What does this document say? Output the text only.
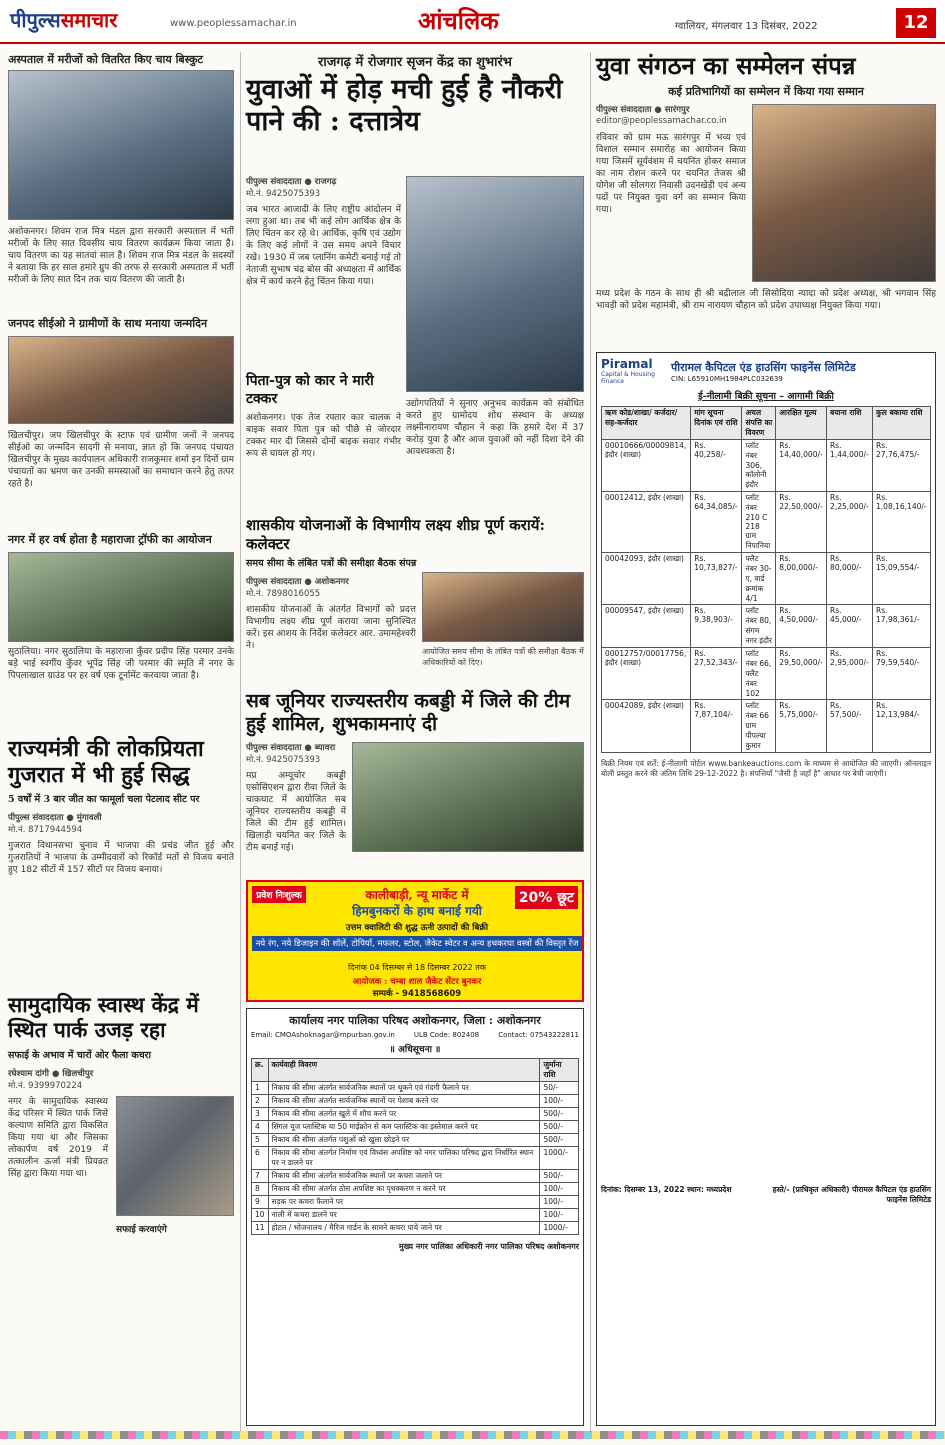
पीपुल्ससमाचार	www.peoplessamachar.in	आंचलिक	ग्वालियर, मंगलवार 13 दिसंबर, 2022	12
अस्पताल में मरीजों को वितरित किए चाय बिस्कुट
अशोकनगर। शिवम राज मित्र मंडल द्वारा सरकारी अस्पताल में भर्ती मरीजों के लिए सात दिवसीय चाय वितरण कार्यक्रम किया जाता है। चाय वितरण का यह सातवां साल है। शिवम राज मित्र मंडल के सदस्यों ने बताया कि हर साल हमारे ग्रुप की तरफ से सरकारी अस्पताल में भर्ती मरीजों के लिए सात दिन तक चाय वितरण की जाती है।
जनपद सीईओ ने ग्रामीणों के साथ मनाया जन्मदिन
खिलचीपुर। जप खिलचीपुर के स्टाफ एवं ग्रामीण जनों ने जनपद सीईओ का जन्मदिन सादगी से मनाया, ज्ञात हो कि जनपद पंचायत खिलचीपुर के मुख्य कार्यपालन अधिकारी राजकुमार शर्मा इन दिनों ग्राम पंचायतों का भ्रमण कर उनकी समस्याओं का समाधान करने हेतु तत्पर रहते है।
नगर में हर वर्ष होता है महाराजा ट्रॉफी का आयोजन
सुठालिया। नगर सुठालिया के महाराजा कुँवर प्रदीप सिंह परमार उनके बड़े भाई स्वर्गीय कुँवर भूपेंद्र सिंह जी परमार की स्मृति में नगर के पिपलाखाल ग्राउंड पर हर वर्ष एक टूर्नामेंट करवाया जाता है।
राज्यमंत्री की लोकप्रियता गुजरात में भी हुई सिद्ध
5 वर्षों में 3 बार जीत का फामूर्ला चला पेटलाद सीट पर
पीपुल्स संवाददाता ● मुंगावली
मो.नं. 8717944594
गुजरात विधानसभा चुनाव में भाजपा की प्रचंड जीत हुई और गुजरातियों ने भाजपा के उम्मीदवारों को रिकॉर्ड मतों से विजय बनाते हुए 182 सीटों में 157 सीटों पर विजय बनाया।
सामुदायिक स्वास्थ केंद्र में स्थित पार्क उजड़ रहा
सफाई के अभाव में चारों ओर फैला कचरा
रघेश्याम दांगी ● खिलचीपुर
मो.नं. 9399970224
नगर के सामुदायिक स्वास्थ्य केंद्र परिसर में स्थित पार्क जिसे कल्याण समिति द्वारा विकसित किया गया था और जिसका लोकार्पण वर्ष 2019 में तत्कालीन ऊर्जा मंत्री प्रियव्रत सिंह द्वारा किया गया था।
सफाई करवाएंगे
राजगढ़ में रोजगार सृजन केंद्र का शुभारंभ
युवाओं में होड़ मची हुई है नौकरी पाने की : दत्तात्रेय
पीपुल्स संवाददाता ● राजगढ़
मो.नं. 9425075393
जब भारत आजादी के लिए राष्ट्रीय आंदोलन में लगा हुआ था। तब भी कई लोग आर्थिक क्षेत्र के लिए चिंतन कर रहे थे। आर्थिक, कृषि एवं उद्योग के लिए कई लोगों ने उस समय अपने विचार रखे। 1930 में जब प्लानिंग कमेटी बनाई गई तो नेताजी सुभाष चंद्र बोस की अध्यक्षता में आर्थिक क्षेत्र में कार्य करने हेतु चिंतन किया गया।
उद्योगपतियों ने सुनाए अनुभव कार्यक्रम को संबोधित करते हुए ग्रामोदय शोध संस्थान के अध्यक्ष लक्ष्मीनारायण चौहान ने कहा कि हमारे देश में 37 करोड़ युवा है और आज युवाओं को नहीं दिशा देने की आवश्यकता है।
पिता-पुत्र को कार ने मारी टक्कर
अशोकनगर। एक तेज रफ्तार कार चालक ने बाइक सवार पिता पुत्र को पीछे से जोरदार टक्कर मार दी जिससे दोनों बाइक सवार गंभीर रूप से घायल हो गए।
शासकीय योजनाओं के विभागीय लक्ष्य शीघ्र पूर्ण करायें: कलेक्टर
समय सीमा के लंबित पत्रों की समीक्षा बैठक संपन्न
पीपुल्स संवाददाता ● अशोकनगर
मो.नं. 7898016055
शासकीय योजनाओं के अंतर्गत विभागों को प्रदत्त विभागीय लक्ष्य शीघ्र पूर्ण कराया जाना सुनिश्चित करें। इस आशय के निर्देश कलेक्टर आर. उमामहेश्वरी ने।
आयोजित समय सीमा के लंबित पत्रों की समीक्षा बैठक में अधिकारियों को दिए।
सब जूनियर राज्यस्तरीय कबड्डी में जिले की टीम हुई शामिल, शुभकामनाएं दी
पीपुल्स संवाददाता ● ब्यावरा
मो.नं. 9425075393
मप्र अम्यूचोर कबड्डी एसोसिएशन द्वारा रीवा जिले के चाकघाट में आयोजित सब जूनियर राज्यस्तरीय कबड्डी में जिले की टीम हुई शामिल। खिलाड़ी चयनित कर जिले के टीम बनाई गई।
प्रवेश निःशुल्क	20% छूट
कालीबाड़ी, न्यू मार्केट में
हिमबुनकरों के हाथ बनाई गयी
उत्तम क्वालिटी की शुद्ध ऊनी उत्पादों की बिक्री
नये रंग, नये डिजाइन की शॉलें, टोपियाँ, मफलर, स्टोल, जैकेट स्वेटर व अन्य हथकरघा वस्त्रों की विस्तृत रेंज
दिनांक 04 दिसम्बर से 18 दिसम्बर 2022 तक
आयोजक : चम्बा शाल जैकेट सेंटर बुनकर
सम्पर्क - 9418568609
कार्यालय नगर पालिका परिषद अशोकनगर, जिला : अशोकनगर
Email: CMOAshoknagar@mpurban.gov.in	ULB Code: 802408	Contact: 07543222811
॥ अधिसूचना ॥
क्र.	कार्यवाही विवरण	जुर्माना राशि
1	निकाय की सीमा अंतर्गत सार्वजनिक स्थानों पर थूकने एवं गंदगी फैलाने पर	50/-
2	निकाय की सीमा अंतर्गत सार्वजनिक स्थानों पर पेशाब करने पर	100/-
3	निकाय की सीमा अंतर्गत खुले में शौच करने पर	500/-
4	सिंगल यूज प्लास्टिक या 50 माईक्रोन से कम प्लास्टिक का इस्तेमाल करने पर	500/-
5	निकाय की सीमा अंतर्गत पशुओं को खुला छोड़ने पर	500/-
6	निकाय की सीमा अंतर्गत निर्माण एवं विध्वंस अपशिष्ट को नगर पालिका परिषद द्वारा निर्धारित स्थान पर न डालने पर	1000/-
7	निकाय की सीमा अंतर्गत सार्वजनिक स्थानों पर कचरा जलाने पर	500/-
8	निकाय की सीमा अंतर्गत ठोस अपशिष्ट का पृथक्करण न करने पर	100/-
9	सड़क पर कचरा फैलाने पर	100/-
10	नाली में कचरा डालने पर	100/-
11	होटल / भोजनालय / मैरिज गार्डन के सामने कचरा पाये जाने पर	1000/-
मुख्य नगर पालिका अधिकारी नगर पालिका परिषद अशोकनगर
युवा संगठन का सम्मेलन संपन्न
कई प्रतिभागियों का सम्मेलन में किया गया सम्मान
पीपुल्स संवाददाता ● सारंगपुर
editor@peoplessamachar.co.in
रविवार को ग्राम मऊ सारंगपुर में भव्य एवं विशाल सम्मान समारोह का आयोजन किया गया जिसमें सूर्यवंशम में चयनित होकर समाज का नाम रोशन करने पर चयनित तेजस श्री योगेश जी सोलगरा निवासी उदनखेड़ी एवं अन्य पदों पर नियुक्त युवा वर्ग का सम्मान किया गया।
मध्य प्रदेश के गठन के साथ ही श्री बद्रीलाल जी सिसोदिया न्यादा को प्रदेश अध्यक्ष, श्री भगवान सिंह भावड़ी को प्रदेश महामंत्री, श्री राम नारायण चौहान को प्रदेश उपाध्यक्ष नियुक्त किया गया।
Piramal
Capital & Housing Finance
पीरामल कैपिटल एंड हाउसिंग फाइनेंस लिमिटेड
CIN: L65910MH1984PLC032639
ई-नीलामी बिक्री सूचना – आगामी बिक्री
ऋण कोड/शाखा/ कर्जदार/सह-कर्जदार	मांग सूचना दिनांक एवं राशि	अचल संपत्ति का विवरण	आरक्षित मूल्य	बयाना राशि	कुल बकाया राशि
00010666/00009814, इंदौर (शाखा)	Rs. 40,258/-	प्लॉट नंबर 306, कॉलोनी इंदौर	Rs. 14,40,000/-	Rs. 1,44,000/-	Rs. 27,76,475/-
00012412, इंदौर (शाखा)	Rs. 64,34,085/-	प्लॉट नंबर 210 C 218 ग्राम निपानिया	Rs. 22,50,000/-	Rs. 2,25,000/-	Rs. 1,08,16,140/-
00042093, इंदौर (शाखा)	Rs. 10,73,827/-	फ्लैट नंबर 30-ए, वार्ड क्रमांक 4/1	Rs. 8,00,000/-	Rs. 80,000/-	Rs. 15,09,554/-
00009547, इंदौर (शाखा)	Rs. 9,38,903/-	प्लॉट नंबर 80, संगम नगर इंदौर	Rs. 4,50,000/-	Rs. 45,000/-	Rs. 17,98,361/-
00012757/00017756, इंदौर (शाखा)	Rs. 27,52,343/-	प्लॉट नंबर 66, फ्लैट नंबर 102	Rs. 29,50,000/-	Rs. 2,95,000/-	Rs. 79,59,540/-
00042089, इंदौर (शाखा)	Rs. 7,87,104/-	प्लॉट नंबर 66 ग्राम पीपल्या कुमार	Rs. 5,75,000/-	Rs. 57,500/-	Rs. 12,13,984/-
बिक्री नियम एवं शर्तें: ई-नीलामी पोर्टल www.bankeauctions.com के माध्यम से आयोजित की जाएगी। ऑनलाइन बोली प्रस्तुत करने की अंतिम तिथि 29-12-2022 है। संपत्तियाँ "जैसी है जहाँ है" आधार पर बेची जाएंगी।
दिनांक: दिसम्बर 13, 2022 स्थान: मध्यप्रदेश	हस्ते/- (प्राधिकृत अधिकारी) पीरामल कैपिटल एंड हाउसिंग फाइनेंस लिमिटेड
